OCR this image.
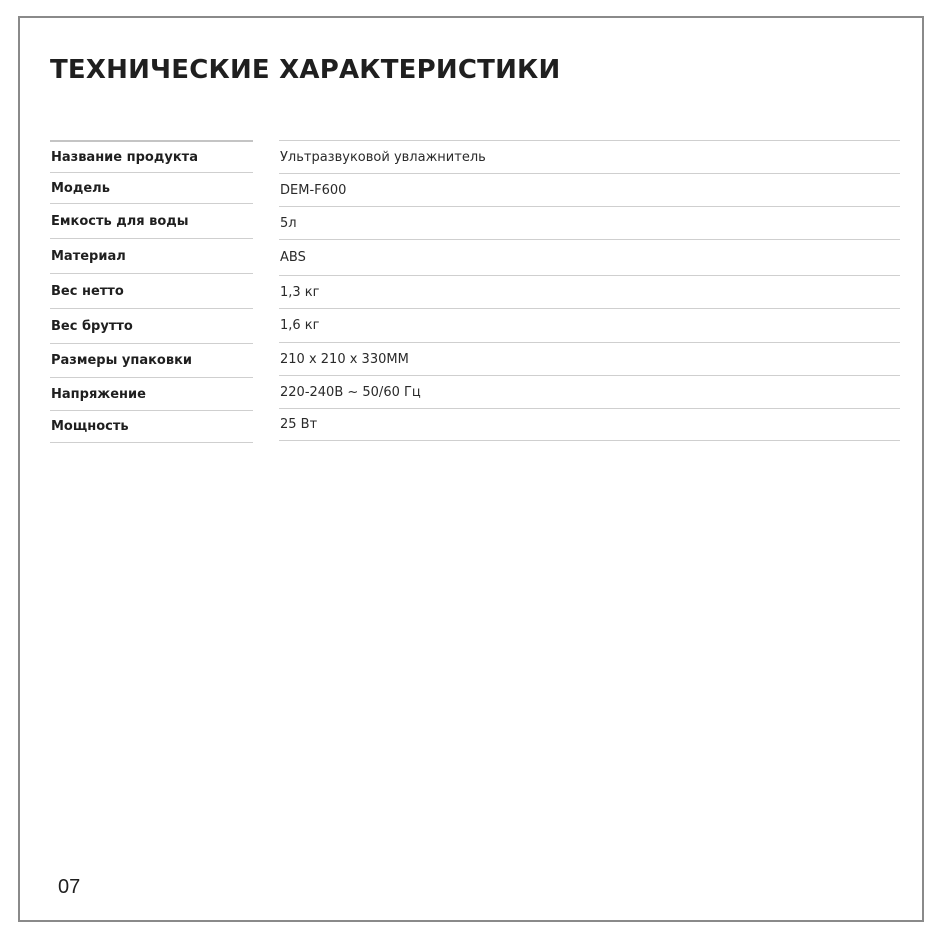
ТЕХНИЧЕСКИЕ ХАРАКТЕРИСТИКИ
Название продукта
Модель
Емкость для воды
Материал
Вес нетто
Вес брутто
Размеры упаковки
Напряжение
Мощность
Ультразвуковой увлажнитель
DEM-F600
5л
ABS
1,3 кг
1,6 кг
210 х 210 х 330ММ
220-240В ~ 50/60 Гц
25 Вт
07
